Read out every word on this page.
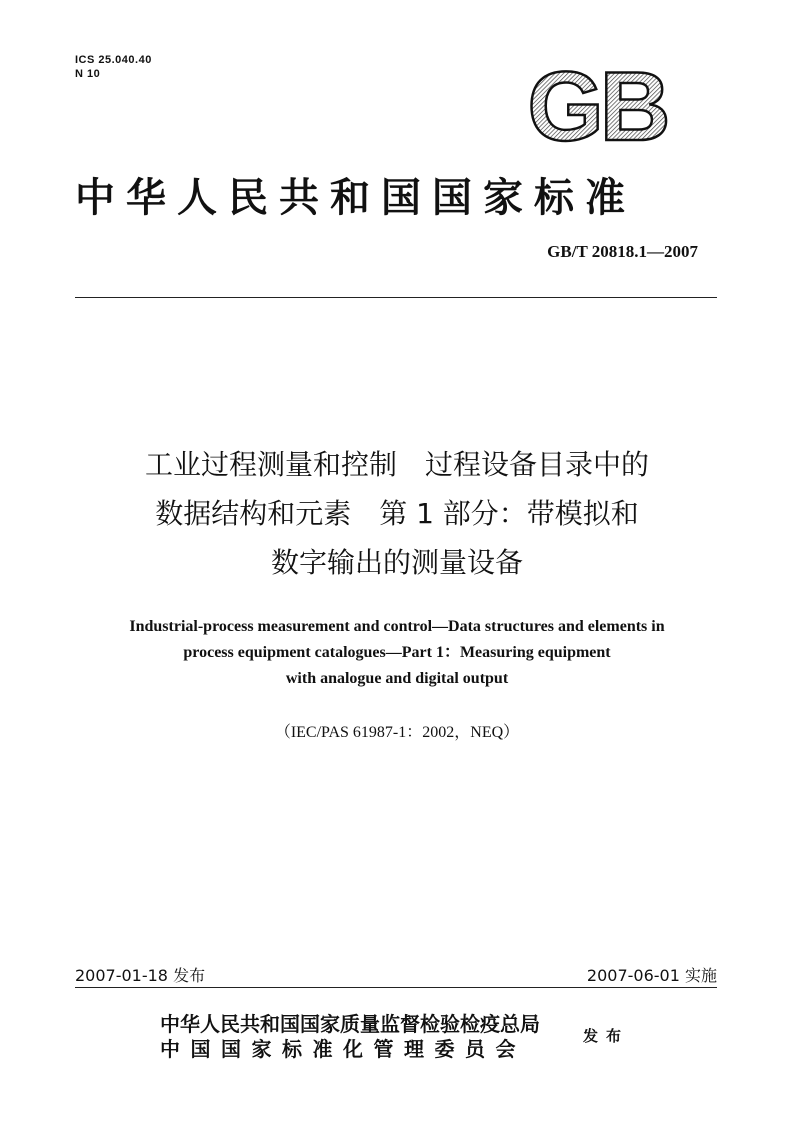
ICS 25.040.40
N 10	GB
中华人民共和国国家标准
GB/T 20818.1—2007
工业过程测量和控制　过程设备目录中的
数据结构和元素　第 1 部分：带模拟和
数字输出的测量设备
Industrial-process measurement and control—Data structures and elements in
process equipment catalogues—Part 1：Measuring equipment
with analogue and digital output
（IEC/PAS 61987-1：2002，NEQ）
2007-01-18 发布	2007-06-01 实施
中华人民共和国国家质量监督检验检疫总局
中国国家标准化管理委员会
发布
